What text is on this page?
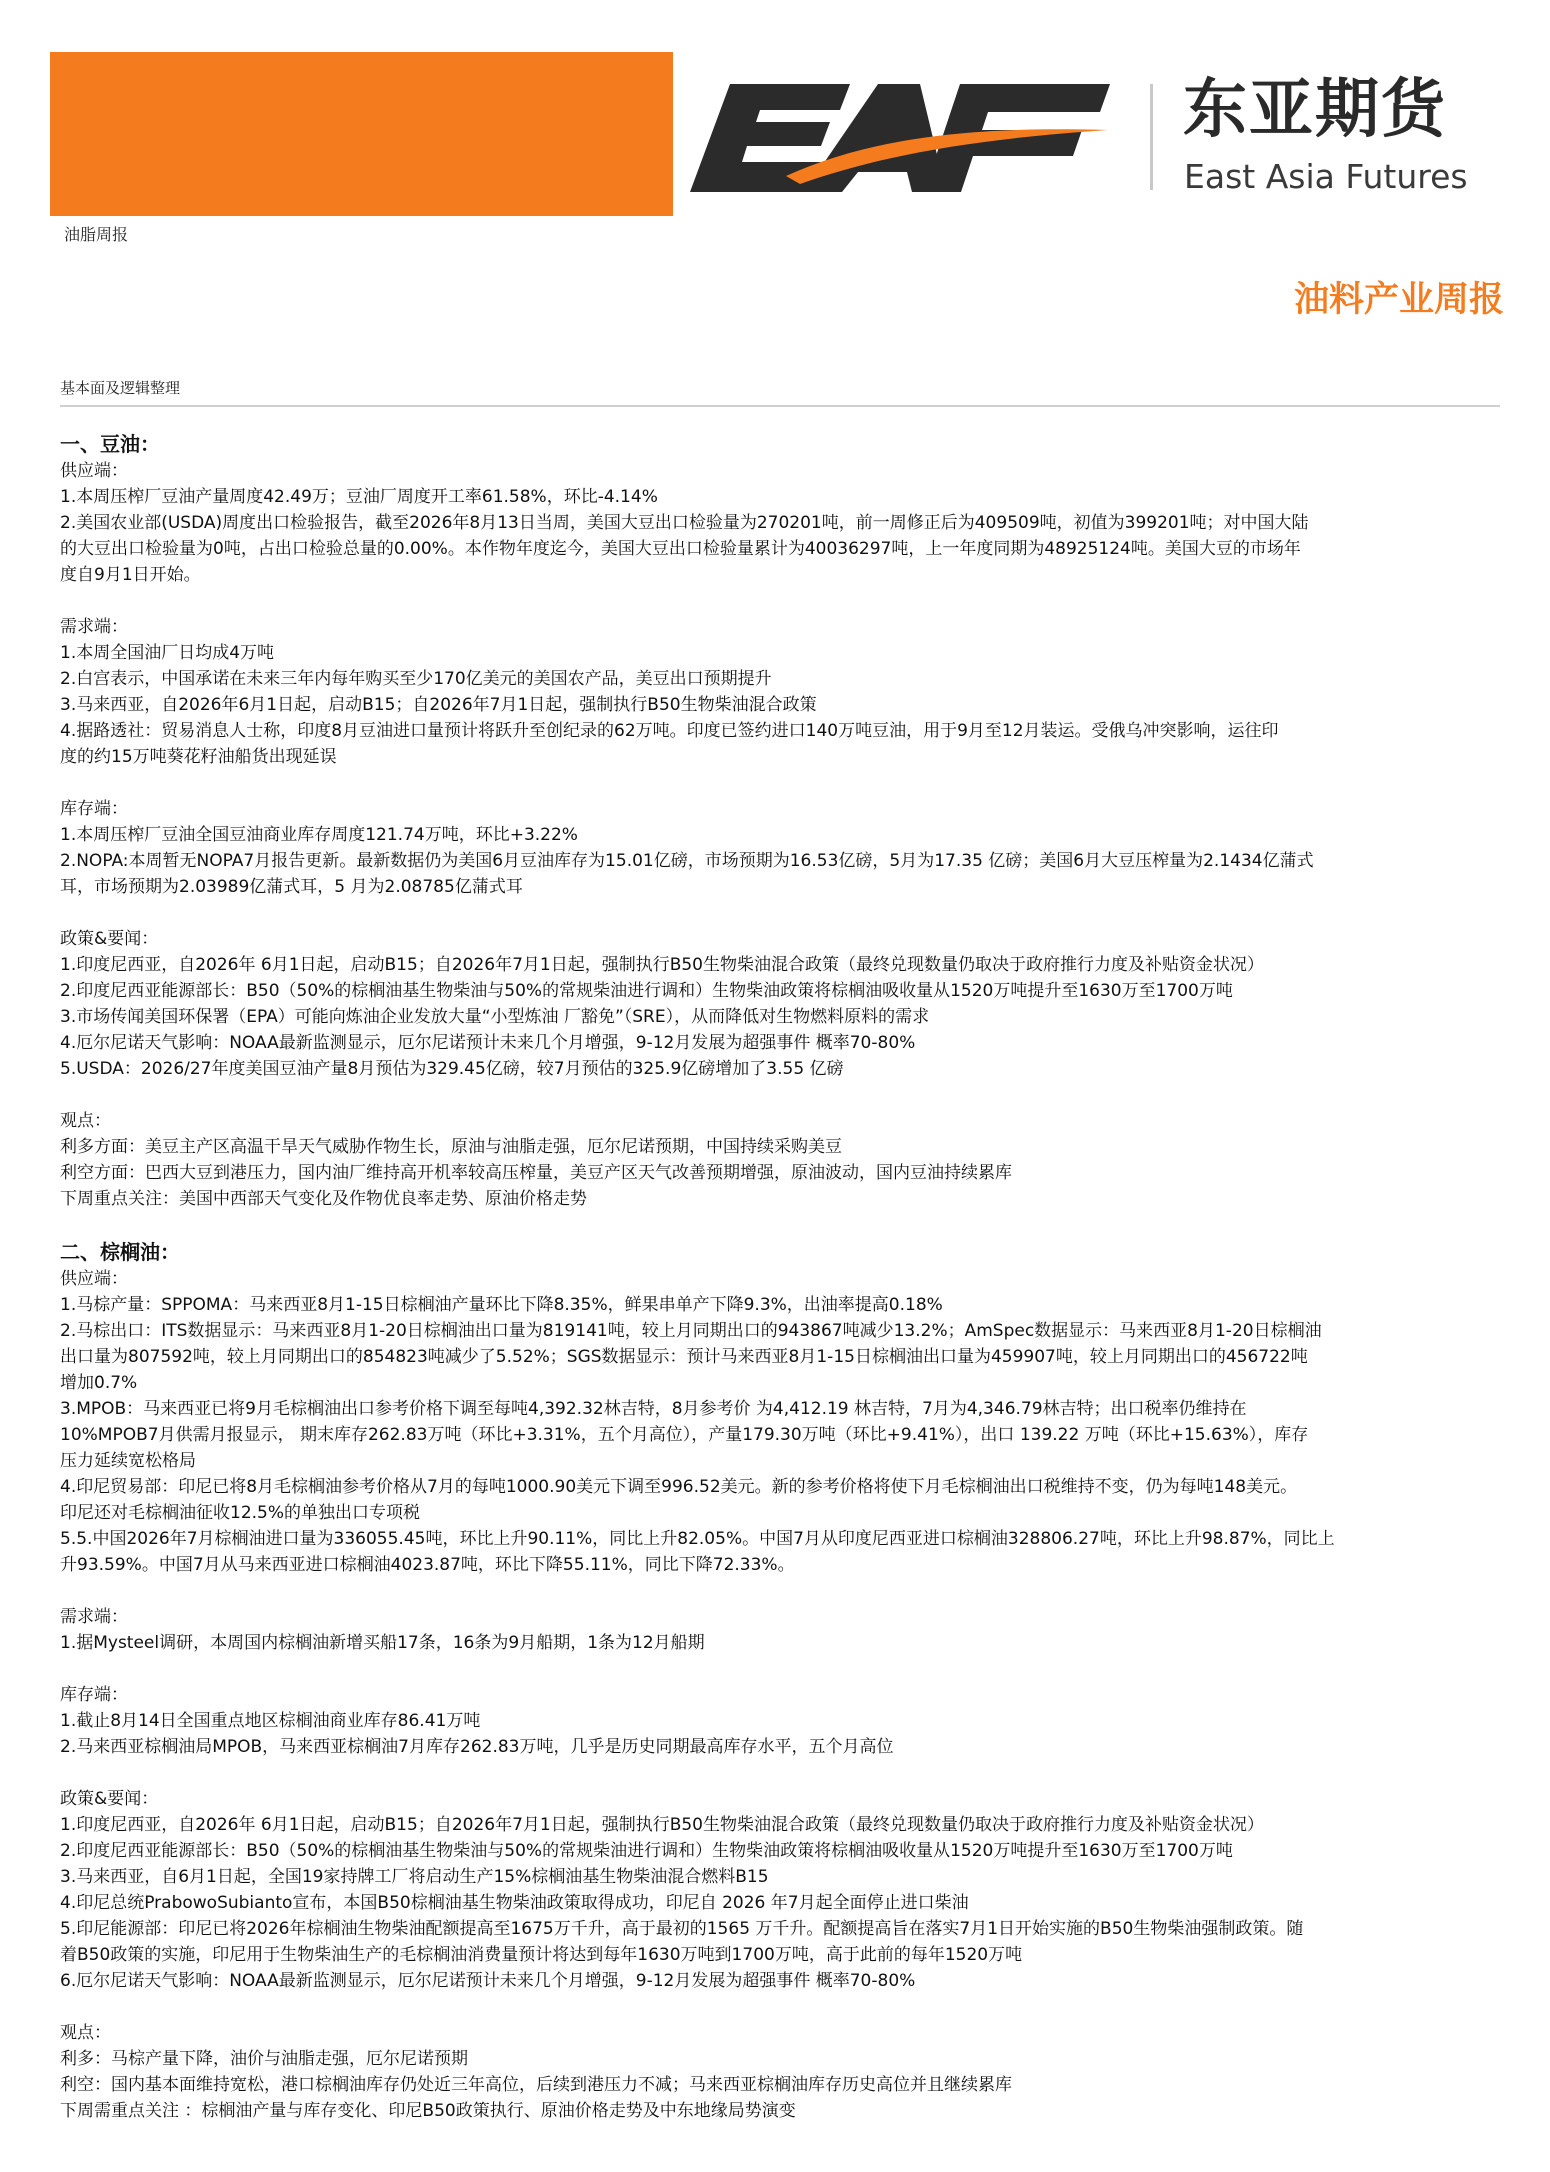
东亚期货
East Asia Futures
油脂周报
油料产业周报
基本面及逻辑整理
一、豆油：
供应端：
1.本周压榨厂豆油产量周度42.49万；豆油厂周度开工率61.58%，环比-4.14%
2.美国农业部(USDA)周度出口检验报告，截至2026年8月13日当周，美国大豆出口检验量为270201吨，前一周修正后为409509吨，初值为399201吨；对中国大陆
的大豆出口检验量为0吨，占出口检验总量的0.00%。本作物年度迄今，美国大豆出口检验量累计为40036297吨，上一年度同期为48925124吨。美国大豆的市场年
度自9月1日开始。
需求端：
1.本周全国油厂日均成4万吨
2.白宫表示，中国承诺在未来三年内每年购买至少170亿美元的美国农产品，美豆出口预期提升
3.马来西亚，自2026年6月1日起，启动B15；自2026年7月1日起，强制执行B50生物柴油混合政策
4.据路透社：贸易消息人士称，印度8月豆油进口量预计将跃升至创纪录的62万吨。印度已签约进口140万吨豆油，用于9月至12月装运。受俄乌冲突影响，运往印
度的约15万吨葵花籽油船货出现延误
库存端：
1.本周压榨厂豆油全国豆油商业库存周度121.74万吨，环比+3.22%
2.NOPA:本周暂无NOPA7月报告更新。最新数据仍为美国6月豆油库存为15.01亿磅，市场预期为16.53亿磅，5月为17.35 亿磅；美国6月大豆压榨量为2.1434亿蒲式
耳，市场预期为2.03989亿蒲式耳，5 月为2.08785亿蒲式耳
政策&要闻：
1.印度尼西亚，自2026年 6月1日起，启动B15；自2026年7月1日起，强制执行B50生物柴油混合政策（最终兑现数量仍取决于政府推行力度及补贴资金状况）
2.印度尼西亚能源部长：B50（50%的棕榈油基生物柴油与50%的常规柴油进行调和）生物柴油政策将棕榈油吸收量从1520万吨提升至1630万至1700万吨
3.市场传闻美国环保署（EPA）可能向炼油企业发放大量“小型炼油 厂豁免”（SRE），从而降低对生物燃料原料的需求
4.厄尔尼诺天气影响：NOAA最新监测显示，厄尔尼诺预计未来几个月增强，9-12月发展为超强事件 概率70-80%
5.USDA：2026/27年度美国豆油产量8月预估为329.45亿磅，较7月预估的325.9亿磅增加了3.55 亿磅
观点：
利多方面：美豆主产区高温干旱天气威胁作物生长，原油与油脂走强，厄尔尼诺预期，中国持续采购美豆
利空方面：巴西大豆到港压力，国内油厂维持高开机率较高压榨量，美豆产区天气改善预期增强，原油波动，国内豆油持续累库
下周重点关注：美国中西部天气变化及作物优良率走势、原油价格走势
二、棕榈油：
供应端：
1.马棕产量：SPPOMA：马来西亚8月1-15日棕榈油产量环比下降8.35%，鲜果串单产下降9.3%，出油率提高0.18%
2.马棕出口：ITS数据显示：马来西亚8月1-20日棕榈油出口量为819141吨，较上月同期出口的943867吨减少13.2%；AmSpec数据显示：马来西亚8月1-20日棕榈油
出口量为807592吨，较上月同期出口的854823吨减少了5.52%；SGS数据显示：预计马来西亚8月1-15日棕榈油出口量为459907吨，较上月同期出口的456722吨
增加0.7%
3.MPOB：马来西亚已将9月毛棕榈油出口参考价格下调至每吨4,392.32林吉特，8月参考价 为4,412.19 林吉特，7月为4,346.79林吉特；出口税率仍维持在
10%MPOB7月供需月报显示， 期末库存262.83万吨（环比+3.31%，五个月高位），产量179.30万吨（环比+9.41%），出口 139.22 万吨（环比+15.63%），库存
压力延续宽松格局
4.印尼贸易部：印尼已将8月毛棕榈油参考价格从7月的每吨1000.90美元下调至996.52美元。新的参考价格将使下月毛棕榈油出口税维持不变，仍为每吨148美元。
印尼还对毛棕榈油征收12.5%的单独出口专项税
5.5.中国2026年7月棕榈油进口量为336055.45吨，环比上升90.11%，同比上升82.05%。中国7月从印度尼西亚进口棕榈油328806.27吨，环比上升98.87%，同比上
升93.59%。中国7月从马来西亚进口棕榈油4023.87吨，环比下降55.11%，同比下降72.33%。
需求端：
1.据Mysteel调研，本周国内棕榈油新增买船17条，16条为9月船期，1条为12月船期
库存端：
1.截止8月14日全国重点地区棕榈油商业库存86.41万吨
2.马来西亚棕榈油局MPOB，马来西亚棕榈油7月库存262.83万吨，几乎是历史同期最高库存水平，五个月高位
政策&要闻：
1.印度尼西亚，自2026年 6月1日起，启动B15；自2026年7月1日起，强制执行B50生物柴油混合政策（最终兑现数量仍取决于政府推行力度及补贴资金状况）
2.印度尼西亚能源部长：B50（50%的棕榈油基生物柴油与50%的常规柴油进行调和）生物柴油政策将棕榈油吸收量从1520万吨提升至1630万至1700万吨
3.马来西亚，自6月1日起，全国19家持牌工厂将启动生产15%棕榈油基生物柴油混合燃料B15
4.印尼总统PrabowoSubianto宣布，本国B50棕榈油基生物柴油政策取得成功，印尼自 2026 年7月起全面停止进口柴油
5.印尼能源部：印尼已将2026年棕榈油生物柴油配额提高至1675万千升，高于最初的1565 万千升。配额提高旨在落实7月1日开始实施的B50生物柴油强制政策。随
着B50政策的实施，印尼用于生物柴油生产的毛棕榈油消费量预计将达到每年1630万吨到1700万吨，高于此前的每年1520万吨
6.厄尔尼诺天气影响：NOAA最新监测显示，厄尔尼诺预计未来几个月增强，9-12月发展为超强事件 概率70-80%
观点：
利多：马棕产量下降，油价与油脂走强，厄尔尼诺预期
利空：国内基本面维持宽松，港口棕榈油库存仍处近三年高位，后续到港压力不减；马来西亚棕榈油库存历史高位并且继续累库
下周需重点关注 ：棕榈油产量与库存变化、印尼B50政策执行、原油价格走势及中东地缘局势演变
